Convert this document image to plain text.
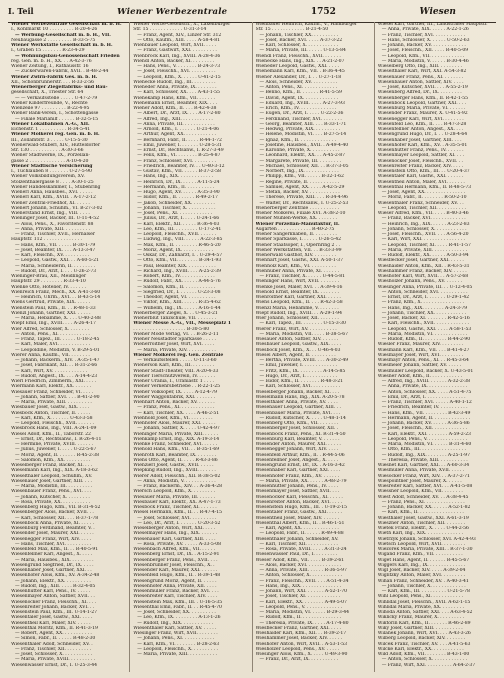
I. Teil	Wiener Werbezentrale	1752	Wiesen

Wiener Werbezentrale Gesellschaft m. b. H.

I., Kohlmarkt 10 . . . . . . . . . R-20-4-26

— Werbung-Gesellschaft m. b. H., VII.

Neubaugasse 2 . . . . . . . . . B-33-5-75

Wiener Werkstätte Gesellschaft m. b. H.

I., Graben 15 . . . . . . . R-23-4-29

— Wohnungsbau-Genossenschaft Frieden

reg. Gen. m. b. H., XX. . . A-42-3-76

Wiener Zeitung, I., Rathausstr. 16

— Zuckerwaren-Fabrik, XVII. . B-48-2-44

Wiener Zwirn-Fabrik Ges. m. b. H.

XII., Schönbrunnerstr. . . . R-33-2-56

Wienerberger Ziegelfabriks- und Bau-

gesellschaft, X., Triester Str. 64

— — Verkaufsstelle . . . . . U-47-2-79

Wiener Kinderfreunde, V., Rechte

Wienzeile 97 . . . . . . . . . B-22-4-95

Wiener Bank-Verein, I., Schottengasse

— Filiale Mariahilf . . . . . . B-32-5-15

Wiener Lokalbahnen A.-G., XII.

Eichenstr. 1 . . . . . . . . . . R-34-5-41

Wiener Molkerei reg. Gen. m. b. H.

III., Zollamtstr. 3 . . . . . U-15-5-30

Wienerwald-Stüberl, XIV., Hütteldorfer

Str. 130 . . . . . . . . . . . A-30-3-66

Wiener Stadtwerke, IX., Porzellan-

gasse 2 . . . . . . . . . . . . . A-10-4-20

Wiener Städtische Versicherung

I., Tuchlauben 8 . . . . . . . U-27-5-90

Wiener Volksbildungsverein, XV.

Stolzenthalergasse 8 . . . . A-30-1-25

Wiener Handelskammer, I., Stubenring

Wienerl Anna, Hausbes., XVI. . . . . .

Wienerl Karl, Kfm., XVIII. . A-17-2-12

Wiener Zentral-Friedhof, XI. . . . . .

Wienert Johann, Schuhm., VI. B-27-3-02

Wienerstand Ernst, Ing., VIII. . . . .

Wieninger Josef, Bäcker, III. U-11-4-52

— Alois, Pens., X., Favoritenstr. 88

— Anna, Private, XIII. . . . . . . . . .

— Franz, Tischler, XVII., Hernalser

Hauptstr. 112 . . . . . . . . . . . . . .

— Hans, Kfm., VII. . . . . . B-30-1-79

— Josef, Beamter, IX. . . . A-13-3-47

— Karl, Fleischh., XV. . . . . . . . . .

— Leopold, Gastw., XXI. . . A-60-5-21

— Maria, Schneiderin, II. . . . . . . . .

— Rudolf, Dr., Arzt, I. . . . U-26-2-73

Wieninger-Bräu, XII., Meidlinger

Hauptstr. 29 . . . . . . . . R-33-4-10

Wienke Otto, Hotelier, IV. . . . . . .

Wienreich Franz, Mech., XX. A-41-3-60

— Heinrich, Uhrm., XVI. . . B-43-5-14

Wiens Gertrud, Private, XIX. . . . . .

Wienstein Paul, Kfm., II. . . R-48-1-33

Wienzl Johann, Gärtner, XXI. . . . . .

— Maria, Hebamme, X. . . . U-40-2-88

Wiepf Emil, Ing., XVIII. . . . A-26-4-17

Wier Alfred, Schlosser, X. . . . . . . .

— Anton, Pens., XI. . . . . . . . . . . .

— Franz, Tapez., III. . . . . . U-18-2-45

— Karl, Maler, XVI. . . . . . . . . . . .

— Leopoldine, Modistin, V. B-29-5-01

Wierer Anna, Kaufm., VII. . . . . . . .

— Johann, Bäckerm., XIV. . A-35-1-47

— Josef, Fabrikant, XII. . . R-31-2-66

— Karl, Wirt, XV. . . . . . . . . . . . .

— Rudolf, Angest., IX. . . . A-14-4-23

Wierl Friedrich, Zimmerm., XXI. . . . .

Wiermann Karl, Elektr., XX. . . . . . .

Wiesauer Franz, Schneider, VI. . . . .

— Johann, Sattler, XVI. . . . B-41-2-90

— Maria, Private, XIII. . . . . . . . . .

Wiesbauer Josef, Gastw., XIX. . . . .

Wiesböck Anton, Tischler, II. . . . . .

— Karl, Kfm., X. . . . . . . U-43-3-58

— Leopold, Fleischh., XVII. . . . . . .

Wiesbrock Hans, Ing., VIII. A-24-1-09

Wiesel Adolf, Kfm., II., Taborstr. 22

— Ernst, Dr., Rechtsanw., I. R-26-4-11

— Hermine, Private, XVIII. . . . . . .

— Julius, Juwelier, I. . . . . U-22-5-67

— Moriz, Agent, II. . . . . . . R-45-2-38

— Salomon, Kfm., XX. . . . . . . . . .

Wieselberger Franz, Bäcker, XI. . . .

Wieselmann Karl, Ing., XIX. A-18-3-62

Wieselthaler Leopold, Schuhm., XV.

Wiesenauer Josef, Gärtner, XIII. . . .

— Maria, Modistin, III. . . . . . . . . .

Wiesenbauer Franz, Pens., XVI. . . .

— Johann, Kutscher, X. . . . . . . . .

— Rosa, Private, XX. . . . . . . . . . .

Wiesenberg Hugo, Kfm., VII. B-31-4-52

Wiesenberger Alois, Bäcker, XVII. . .

— Karl, Schlosser, XII. . . . R-37-1-78

Wiesenböck Anna, Private, XI. . . . . .

Wiesenburg Ferdinand, Beamter, V. .

Wiesender Josef, Maurer, XXI. . . . . .

Wiesenegger Franz, Wirt, XIV. . . . .

— Hans, Tischler, XVI. . . . . . . . . .

Wiesenfeld Max, Kfm., II. . . R-40-5-91

Wiesenfellner Karl, Angest., X. . . . .

— Maria, Hausbes., XIX. . . . . . . . .

Wiesengrund Siegfried, Dr., IX. . . . .

Wiesenhaber Josef, Gärtner, XXI. . .

Wiesenhofer Alois, Kfm., XV. A-34-2-48

— Johann, Elektr., XX. . . . . . . . . .

— Rudolf, Ing., XIII. . . . . R-32-4-05

Wiesenhütter Karl, Pens., IV. . . . . .

Wiesenmayer Anton, Sattler, XVII. . .

Wiesenöcker Franz, Fleischh., XI. . . .

Wiesenreiter Johann, Bäcker, XVI. . .

Wiesenstein Paul, Kfm., III. U-14-1-27

Wiesentaler Josef, Gastw., XXI. . . . .

Wiesentheil Karl, Maler, XIV. . . . . .

Wiesenthal Moritz, Kfm., II. R-41-3-19

— Robert, Agent, XX. . . . . . . . . . .

— Simon, Fabr., II. . . . . . R-48-2-30

Wiesenthaler Adolf, Schneider, XV. .

— Franz, Tischler, XII. . . . . . . . . .

— Josef, Schlosser, X. . . . . . . . . . .

— Maria, Private, XVIII. . . . . . . . . .

Wiesenwasser Ernst, Dr., I. U-25-3-44

Wiener Werbe-Gesellsch., X., Laxenburger

Str. 15 . . . . . . . . . . . . U-31-3-14

— Franz, Agent, XIV., Linzer Str. 312

— Otto, Kaufm., XIII. . . . . A-58-4-81

Wienbauer Leopold, Wirt, XVII. . . . .

— Franz, Gastwirt, XXI. . . . . . . . . .

Wienbrock Karl, Ing., XVIII. A-28-4-36

Wiendl Anton, Bäcker, XI. . . . . . . . .

— Hans, Pens., V. . . . . . . . B-24-3-73

— Josef, Fleischh., XVI. . . . . . . . . .

— Leopold, Kfm., X. . . . . . U-41-2-15

Wienecke Rudolf, Ing., III. . . . . . . . .

Wieneder Anna, Private, IX. . . . . . . .

— Karl, Schlosser, XX. . . . A-43-1-55

Wienekamp Hans, Kfm., VII. . . . . . .

Wienemann Ernst, Beamter, XIX. . . .

Wiener Adolf, Kfm., II. . . . R-42-4-38

— Albert, Dr., Arzt, IX. . . . A-17-2-80

— Alfred, Ing., XIII. . . . . . . . . . . .

— Anna, Private, III. . . . . . . . . . . .

— Arnold, Kfm., I. . . . . . . U-21-4-06

— Arthur, Agent, XX. . . . . . . . . . . .

— Bernhard, Fabr., II. . . . . R-44-1-72

— Emil, Juwelier, I. . . . . . . U-28-5-31

— Ernst, Dr., Rechtsanw., I. R-27-3-49

— Felix, Kfm., VI. . . . . . . . B-25-4-87

— Franz, Schlosser, XVI. . . . . . . . .

— Friedrich, Beamter, IV. . . U-40-3-12

— Gustav, Kfm., VII. . . . . . B-37-2-58

— Hans, Ing., XIX. . . . . . . . . . . . .

— Heinrich, Dr., IX. . . . . . A-11-5-24

— Hermann, Kfm., II. . . . . . . . . . .

— Hugo, Agent, XV. . . . . . A-35-3-90

— Isidor, Kfm., II. . . . . . . R-49-2-17

— Jakob, Schneider, XX. . . . . . . . .

— Johann, Tischler, X. . . . . . . . . . .

— Josef, Pens., XI. . . . . . . . . . . . .

— Julius, Dr., Arzt, I. . . . . U-24-1-66

— Karl, Elektr., XII. . . . . . R-36-4-03

— Leo, Kfm., III. . . . . . . . . U-17-2-41

— Leopold, Fleischh., XVII. . . . . . .

— Ludwig, Ing., VIII. . . . . . A-22-3-85

— Max, Kfm., II. . . . . . . . . R-46-5-20

— Moriz, Agent, IX. . . . . . . . . . . .

— Oskar, Dr., Zahnarzt, I. . U-29-4-57

— Otto, Kfm., VII. . . . . . . . B-34-1-93

— Paul, Beamter, XIX. . . . . . . . . . .

— Richard, Ing., XVIII. . . . A-25-2-39

— Robert, Kfm., IV. . . . . . . . . . . . .

— Rudolf, Fabr., XX. . . . . . A-44-5-76

— Salomon, Kfm., II. . . . . . . . . . . .

— Siegfried, Dr., I. . . . . . . U-23-3-08

— Theodor, Agent, VI. . . . . . . . . . .

— Viktor, Kfm., XIII. . . . . . R-35-4-62

— Wilhelm, Ing., IX. . . . . . A-16-1-44

Wienerberger Ziegel, X. . . U-45-3-21

Wienerblut Tanzschule, VII. . . . . . . .

Wiener Messe A.-G., VII., Messeplatz 1

. . . . . . . . . . . . . . . . . . . B-30-5-80

Wiener Mode Verlag, VI. . . B-26-2-11

Wiener Neustädter Sparkasse . . . . .

Wienerroither Josef, Wirt, XVI. . . . .

— Maria, Private, XIV. . . . . . . . . . .

Wiener Molkerei reg. Gen. Zentrale

— Verkaufsstellen . . . . . U-11-3-60

Wienerson Karl, Kfm., III. . . . . . . . .

Wiener Stadt-Theater, VIII. A-20-4-33

Wiener Tierschutzverein, IV. . . . . . .

Wiener Urania, I., Uraniastr. 1 . . . .

Wiener Verkehrsbetriebe . . R-22-1-25

Wiener Volksoper, IX. . . . . A-12-4-79

Wiener Waggonfabrik, XXI. . . . . . . .

Wienhart Anton, Bäcker, XV. . . . . . .

— Franz, Pens., XI. . . . . . . . . . . . .

— Karl, Tischler, XX. . . . . A-46-2-51

Wienhold Josef, Kfm., VI. . . . . . . . .

Wienhofer Alois, Maurer, XXI. . . . . .

— Johann, Sattler, X. . . . . U-42-4-97

Wieninger Maria, Private, XIII. . . . . .

Wienkamp Ernst, Ing., XIX. A-19-3-14

Wienke Franz, Schneider, XVI. . . . . .

Wienold Hans, Kfm., VII. . . B-35-1-69

Wienroth Karl, Beamter, IX. . . . . . . .

Wiens Otto, Agent, II. . . . . R-43-3-86

Wienzierl Josef, Gastw., XVII. . . . . .

Wiepking Rudolf, Ing., XVIII. . . . . . .

Wierer Adolf, Fleischh., XII. R-38-5-02

— Anna, Modistin, V. . . . . . . . . . . .

— Franz, Bäckerm., XIV. . . A-36-4-28

Wiersch Leopold, Kfm., X. . . . . . . . .

Wiesauer Maria, Private, III. . . . . . .

Wiesbauer Karl, Elektr., XX. A-47-1-73

Wiesböck Franz, Tischler, XI. . . . . . .

Wiesel Hermann, Kfm., II. . . R-47-4-15

— Josef, Schlosser, XVI. . . . . . . . . .

— Leo, Dr., Arzt, I. . . . . . . U-20-3-52

Wieselberger Anton, Wirt, XXI. . . . .

Wieselmayer Hans, Ing., XIX. . . . . . .

Wiesenauer Karl, Gärtner, XIII. . . . .

— Rosa, Private, XV. . . . . . A-33-5-08

Wiesenbach Alfred, Kfm., VII. . . . . .

Wiesenberg Ernst, Dr., IX. . A-15-2-91

Wiesenberger Franz, Pens., XVII. . . .

Wiesenbrunner Josef, Fleischh., X. .

Wiesender Karl, Maurer, XXI. . . . . . .

Wiesenfeld Hugo, Kfm., II. . R-39-1-48

Wiesengrund Moriz, Agent, II. . . . . .

Wiesenhofer Anna, Private, XII. . . . .

Wiesenmüller Franz, Bäcker, XVI. . . .

Wiesenreiter Karl, Tischler, XIV. . . . .

Wiesenstein Max, Kfm., III. . U-16-5-35

Wiesenthal Emil, Fabr., II. . . R-45-4-70

— Josef, Schneider, XX. . . . . . . . . .

— Leo, Kfm., IX. . . . . . . . . A-13-1-26

— Rudolf, Ing., XIX. . . . . . . . . . . .

Wiesenthaler Karl, Sattler, XV. . . . . .

Wiesinger Franz, Wirt, XVII. . . . . . . .

— Johann, Pens., XI. . . . . . . . . . . .

— Karl, Kfm., VI. . . . . . . . B-28-2-63

— Leopold, Fleischh., X. . . . . . . . . .

— Maria, Private, XIII. . . . . . . . . . .

Wienbauer Heinrich, Kaufm., V., Hamburger

Str. 15 . . . . . . . . . . . . B-21-4-50

— Johann, Tischler, XX. . . . . . . . . .

— Josef, Bäcker, XVI. . . . . A-37-3-22

— Karl, Schlosser, X. . . . . . . . . . . .

— Maria, Private, III. . . . . . U-13-5-84

Wiendl Franz, Fleischh., XVII. . . . . . .

Wienecke Hans, Ing., XIX. . . A-21-2-07

Wieneder Leopold, Gastw., XXI. . . . .

Wienemann Karl, Kfm., VII. . B-36-4-45

Wiener Alexander, Dr., I. . . U-27-1-18

— Alois, Schneider, XV. . . . . . . . . .

— Anton, Pens., XI. . . . . . . . . . . . .

— Benno, Kfm., II. . . . . . . R-41-5-59

— David, Agent, IX. . . . . . . . . . . . .

— Eduard, Ing., XVIII. . . . . A-27-3-93

— Erich, Kfm., IV. . . . . . . . . . . . . .

— Eugen, Dr., Arzt, I. . . . . U-22-2-36

— Ferdinand, Tischler, XVI. . . . . . . .

— Georg, Beamter, XIII. . . . R-33-1-71

— Hedwig, Private, XIX. . . . . . . . . .

— Helene, Modistin, VI. . . . B-27-5-14

— Ignaz, Kfm., II. . . . . . . . . . . . . .

— Josefine, Hausbes., XVII. . A-49-4-40

— Karoline, Private, X. . . . . . . . . . .

— Leonhard, Elektr., XX. . . A-45-2-87

— Margarete, Private, III. . . . . . . . .

— Michael, Schlosser, XII. . . R-37-3-05

— Norbert, Ing., IX. . . . . . . . . . . . .

— Philipp, Kfm., VII. . . . . . B-32-1-62

— Regine, Private, II. . . . . . . . . . . .

— Samuel, Agent, XX. . . . . A-42-5-29

— Stefan, Bäcker, XV. . . . . . . . . . . .

— Therese, Private, XIII. . . . R-34-4-96

— Walter, Dr., Rechtsanw., I. U-25-2-53

Wienerberger Zentrale . . . . . . . . . . .

Wiener Molkerei, Filiale XVI. A-38-2-10

Wiener Mühlen-Werke, XX. . . . . . . .

Wiener Porzellan-Manufaktur, II.

Augarten . . . . . . . . . . . . R-40-2-75

Wiener Sängerknaben, II. . . . . . . . .

Wiener Sparkasse, I. . . . . . U-26-5-42

Wiener Staatsoper, I., Opernring 2 . .

Wiener Werkstätten, VII. . . B-33-3-99

Wienerwald Gasthof, XIV. . . . . . . . .

Wienhart Josef, Gastw., XXI. A-50-1-37

Wienholz Karl, Kfm., VI. . . . . . . . . .

Wienhuber Anna, Private, XI. . . . . . .

— Franz, Tischler, X. . . . . . U-44-5-81

Wieninger Hans, Wirt, XVII. . . . . . . .

Wienke Josef, Maler, XVI. . . A-39-4-16

Wienold Ernst, Beamter, IX. . . . . . . .

Wienroither Karl, Gärtner, XXI. . . . . .

Wiens Leopold, Kfm., II. . . . R-42-3-58

Wienzl Maria, Hebamme, V. . . . . . . .

Wiepf Rudolf, Ing., XVIII. . . A-29-1-94

Wier Johann, Schlosser, XII. . . . . . . .

— Karl, Tapez., III. . . . . . . . U-15-3-30

Wierer Franz, Wirt, XV. . . . . . . . . . .

— Maria, Modistin, VII. . . . . B-38-5-67

Wiesauer Anton, Sattler, XIV. . . . . . .

Wiesbauer Leopold, Gastw., XIX. . . . .

Wiesböck Josef, Kfm., X. . . U-46-4-03

Wiesel Albert, Agent, II. . . . . . . . . .

— Bertha, Private, XVIII. . . . A-30-2-49

— Emil, Juwelier, I. . . . . . . . . . . . .

— Fritz, Kfm., IX. . . . . . . . . A-14-5-85

— Hugo, Dr., Arzt, I. . . . . . . . . . . .

— Isidor, Kfm., II. . . . . . . . R-48-3-21

— Karl, Schlosser, XVI. . . . . . . . . . .

Wieselberger Johann, Bäcker, XI. . . .

Wieselmann Hans, Ing., XIX. A-20-5-78

Wieselthaler Anna, Private, XV. . . . .

Wiesenauer Leopold, Gärtner, XIII. . .

Wiesenbauer Maria, Private, XVI. . . .

— Rudolf, Kutscher, X. . . . . U-48-1-14

Wiesenberg Otto, Kfm., VII. . . . . . . .

Wiesenberger Josef, Schlosser, XII. .

Wiesenböck Franz, Pens., XI. R-31-4-50

Wiesenburg Karl, Beamter, V. . . . . . .

Wiesender Anton, Maurer, XXI. . . . . .

Wiesenegger Johann, Wirt, XIV. . . . .

Wiesenfeld Arthur, Kfm., II. . R-44-5-06

Wiesenfellner Josef, Angest., X. . . . .

Wiesengrund Ernst, Dr., IX. . A-16-3-42

Wiesenhaber Karl, Gärtner, XXI. . . . .

Wiesenhofer Franz, Kfm., XV. . . . . . .

— Maria, Private, XX. . . . . . A-48-2-79

Wiesenhütter Johann, Pens., IV. . . . .

Wiesenmayer Josef, Sattler, XVII. . . .

Wiesenöcker Karl, Fleischh., XI. . . . . .

Wiesenreiter Anton, Bäcker, XVI. . . . .

Wiesenstein Hugo, Kfm., III. . U-19-2-15

Wiesentaler Franz, Gastw., XXI. . . . . .

Wiesentheil Josef, Maler, XIV. . . . . . .

Wiesenthal Albert, Kfm., II. . R-46-1-51

— Karl, Agent, XX. . . . . . . . . . . . . .

— Leopold, Fabr., II. . . . . . R-49-4-88

Wiesenthaler Johann, Schneider, XV.

— Karl, Tischler, XII. . . . . . . . . . . .

— Rosa, Private, XVIII. . . . . A-31-3-24

Wiesenwasser Paul, Dr., I. . . . . . . . .

Wieser Adolf, Kfm., VII. . . . . B-39-2-61

— Alois, Bäcker, XVI. . . . . . . . . . . . .

— Anna, Private, XIII. . . . . . R-36-5-97

— Anton, Schlosser, X. . . . . . . . . . . .

— Franz, Fleischh., XVII. . . . A-51-4-34

— Hans, Ing., XIX. . . . . . . . . . . . . . .

— Johann, Wirt, XXI. . . . . . . A-52-1-70

— Josef, Tischler, XI. . . . . . . . . . . . .

— Karl, Elektr., XX. . . . . . . . A-49-5-07

— Leopold, Pens., V. . . . . . . . . . . . . .

— Maria, Modistin, VI. . . . . . B-29-3-44

— Rudolf, Kfm., II. . . . . . . . . . . . . . .

— Theresia, Private, IX. . . . . A-17-4-80

Wiesflecker Franz, Gärtner, XXI. . . . .

Wieshaider Karl, Kfm., XII. . . R-39-2-17

Wieshammer Josef, Bäcker, XIV. . . . . .

Wieshofer Anton, Wirt, XVII. . A-53-1-53

Wiesholzer Leopold, Pens., XV. . . . . .

Wiesinger Alois, Kfm., X. . . . . U-49-3-90

— Franz, Dr., Arzt, IX. . . . . . . . . . .

Wiesel Karl, Gärtner, III., Landstraßer Hauptstr.

— Anna, Private, XIX. . . . . . A-22-1-26

— Franz, Tischler, XVI. . . . . . . . . . . .

— Hans, Schlosser, X. . . . . . U-50-2-63

— Johann, Bäcker, XV. . . . . . . . . . . . .

— Josef, Fleischh., XII. . . . . R-40-5-09

— Leopold, Kfm., VII. . . . . . . . . . . . .

— Maria, Modistin, V. . . . . . B-30-4-46

Wieselberg Otto, Ing., XIII. . . . . . . . .

Wieselthaler Karl, Wirt, XXI. A-54-3-82

Wiesenauer Franz, Pens., XI. . . . . . . .

Wiesenbauer Anton, Sattler, XIV. . . . .

— Josef, Kutscher, XVII. . . . A-55-2-19

Wiesenberg Alfred, Dr., IX. . . . . . . . .

Wiesenberger Hans, Kfm., II. R-42-1-55

Wiesenböck Leopold, Gärtner, XXI. . . .

Wiesenburg Maria, Private, VI. . . . . . .

Wiesender Franz, Maurer, X. U-41-5-92

Wiesenegger Karl, Wirt, XVI. . . . . . . .

Wiesenfeld Leo, Kfm., II. . . . R-47-3-28

Wiesenfellner Anton, Angest., XX. . . .

Wiesengrund Hugo, Dr., I. . . U-28-4-64

Wiesenhaber Josef, Gärtner, XIII. . . .

Wiesenhofer Karl, Kfm., XV. . A-35-5-01

Wiesenhütter Franz, Pens., IV. . . . . . .

Wiesenmayer Leopold, Sattler, XI. . . .

Wiesenöcker Josef, Fleischh., XVII. . .

Wiesenreiter Franz, Bäcker, XIV. . . . .

Wiesenstein Otto, Kfm., III. . . U-20-4-37

Wiesentaler Karl, Gastw., XXI. . . . . . .

Wiesentheil Anton, Maler, XVI. . . . . . .

Wiesenthal Hermann, Kfm., II. R-48-5-73

— Josef, Agent, XX. . . . . . . . . . . . . . .

— Moriz, Fabr., II. . . . . . . . R-50-2-10

Wiesenthaler Franz, Schneider, XV. . .

— Leopold, Tischler, XII. . . . . . . . . . .

Wieser Alfred, Kfm., VII. . . . . B-40-3-46

— Franz, Bäcker, XVI. . . . . . . . . . . . .

— Heinrich, Ing., XIX. . . . . . A-23-2-83

— Johann, Schlosser, X. . . . . . . . . . . .

— Josef, Fleischh., XVII. . . . A-56-4-20

— Karl, Wirt, XXI. . . . . . . . . . . . . . . .

— Leopold, Tischler, XI. . . . . R-41-1-57

— Maria, Private, XIII. . . . . . . . . . . . .

— Rudolf, Elektr., XX. . . . . . A-50-3-94

Wiesflecker Josef, Gärtner, XXI. . . . . .

Wieshaider Anton, Kfm., XII. . R-43-5-31

Wieshammer Franz, Bäcker, XIV. . . . . .

Wieshofer Karl, Wirt, XVII. . . A-57-2-68

Wiesholzer Johann, Pens., XV. . . . . . .

Wiesinger Anna, Private, III. . . U-12-4-05

— Anton, Schneider, XVI. . . . . . . . . . .

— Ernst, Dr., Arzt, I. . . . . . . U-29-1-42

— Franz, Kfm., X. . . . . . . . . . . . . . . .

— Hans, Ing., XIX. . . . . . . . A-24-3-79

— Johann, Tischler, XX. . . . . . . . . . . .

— Josef, Bäcker, XI. . . . . . . . R-42-5-16

— Karl, Fleischh., XVII. . . . . . . . . . . . .

— Leopold, Gastw., XXI. . . . . A-58-1-53

— Maria, Modistin, VI. . . . . . . . . . . . .

— Rudolf, Kfm., II. . . . . . . . . R-44-2-90

Wiesler Franz, Maurer, XIV. . . . . . . . .

Wiesmann Karl, Kfm., VII. . . . B-41-4-27

Wiesmayer Josef, Wirt, XVI. . . . . . . . .

Wiesmayr Anton, Pens., XI. . . R-45-3-64

Wiesmeier Johann, Sattler, XV. . . . . .

Wiesmüller Leopold, Bäcker, X. U-43-5-01

Wiesner Adolf, Kfm., II. . . . . . . . . . . .

— Alfred, Ing., XVIII. . . . . . . A-32-2-38

— Anna, Private, IX. . . . . . . . . . . . . . .

— Anton, Schlosser, XX. . . . . A-51-4-75

— Emil, Dr., Arzt, I. . . . . . . . . . . . . . .

— Franz, Tischler, XVI. . . . . . A-40-1-12

— Friedrich, Beamter, IV. . . . . . . . . . .

— Hans, Kfm., VII. . . . . . . . . B-42-3-49

— Hermann, Agent, II. . . . . . . . . . . . . .

— Johann, Bäcker, XV. . . . . . A-36-5-86

— Josef, Fleischh., XII. . . . . . . . . . . . .

— Karl, Elektr., XXI. . . . . . . . A-59-2-23

— Leopold, Pens., V. . . . . . . . . . . . . . .

— Maria, Modistin, VI. . . . . . B-31-4-60

— Otto, Kfm., III. . . . . . . . . . . . . . . . .

— Rudolf, Ing., XIX. . . . . . . . A-25-1-97

— Theresia, Private, XIII. . . . . . . . . . .

Wiesnet Karl, Gärtner, XXI. . . A-60-3-34

Wiesmüller Anna, Private, XVII. . . . . .

Wiesöcker Franz, Wirt, XIV. . . A-37-2-71

Wiespointner Josef, Maurer, X. . . . . .

Wiesreiter Karl, Sattler, XVI. . . A-41-5-08

Wiessner Leopold, Kfm., VII. . . . . . . .

Wiest Adolf, Schneider, XV. . . A-38-4-45

— Franz, Pens., XI. . . . . . . . . . . . . . .

— Johann, Bäcker, XX. . . . . . A-52-1-82

— Karl, Kfm., II. . . . . . . . . . . . . . . . .

Wiesthaler Josef, Gastw., XXI. A-61-3-19

Wieszner Anton, Tischler, XII. . . . . . . .

Wietek Franz, Elektr., X. . . . . U-44-2-56

Wieth Karl, Ing., XIX. . . . . . . . . . . . . .

Wietrzyk Johann, Schlosser, XVI. A-42-4-93

Wietsch Leopold, Wirt, XVII. . . . . . . . .

Wiezorek Maria, Private, XIII. . R-37-1-30

Wigand Franz, Kfm., VII. . . . . . . . . . .

Wiget Hans, Agent, II. . . . . . . R-45-5-67

Wiggers Karl, Ing., IX. . . . . . . . . . . . . .

Wigl Josef, Bäcker, XIV. . . . . A-39-2-04

Wiglitzky Anton, Maler, XVI. . . . . . . . .

Wihan Franz, Schneider, XV. . A-40-3-41

— Johann, Tischler, X. . . . . . . . . . . . .

— Karl, Kfm., III. . . . . . . . . . U-21-5-78

Wihl Leopold, Pens., XI. . . . . . . . . . . .

Wihlidal Josef, Fleischh., XVII. A-62-1-15

Wihlidal Maria, Private, XX. . . . . . . . .

Wihoda Anton, Sattler, XXI. . . . A-63-4-52

Wiklicky Franz, Maurer, X. . . . . . . . . .

Wiktorin Karl, Kfm., II. . . . . . . R-46-2-89

Wiky Josef, Gärtner, XIII. . . . . . . . . . .

Wilanek Johann, Wirt, XVI. . . . A-43-3-26

Wilberg Leopold, Bäcker, XIV. . . . . . . .

Wilcek Franz, Tischler, XV. . . . A-41-5-63

Wilcke Karl, Elektr., XX. . . . . . . . . . . .

Wild Adolf, Kfm., VII. . . . . . . . B-43-1-00

— Anton, Schlosser, X. . . . . . . . . . . . .

— Franz, Wirt, XXI. . . . . . . . . . A-64-2-37
